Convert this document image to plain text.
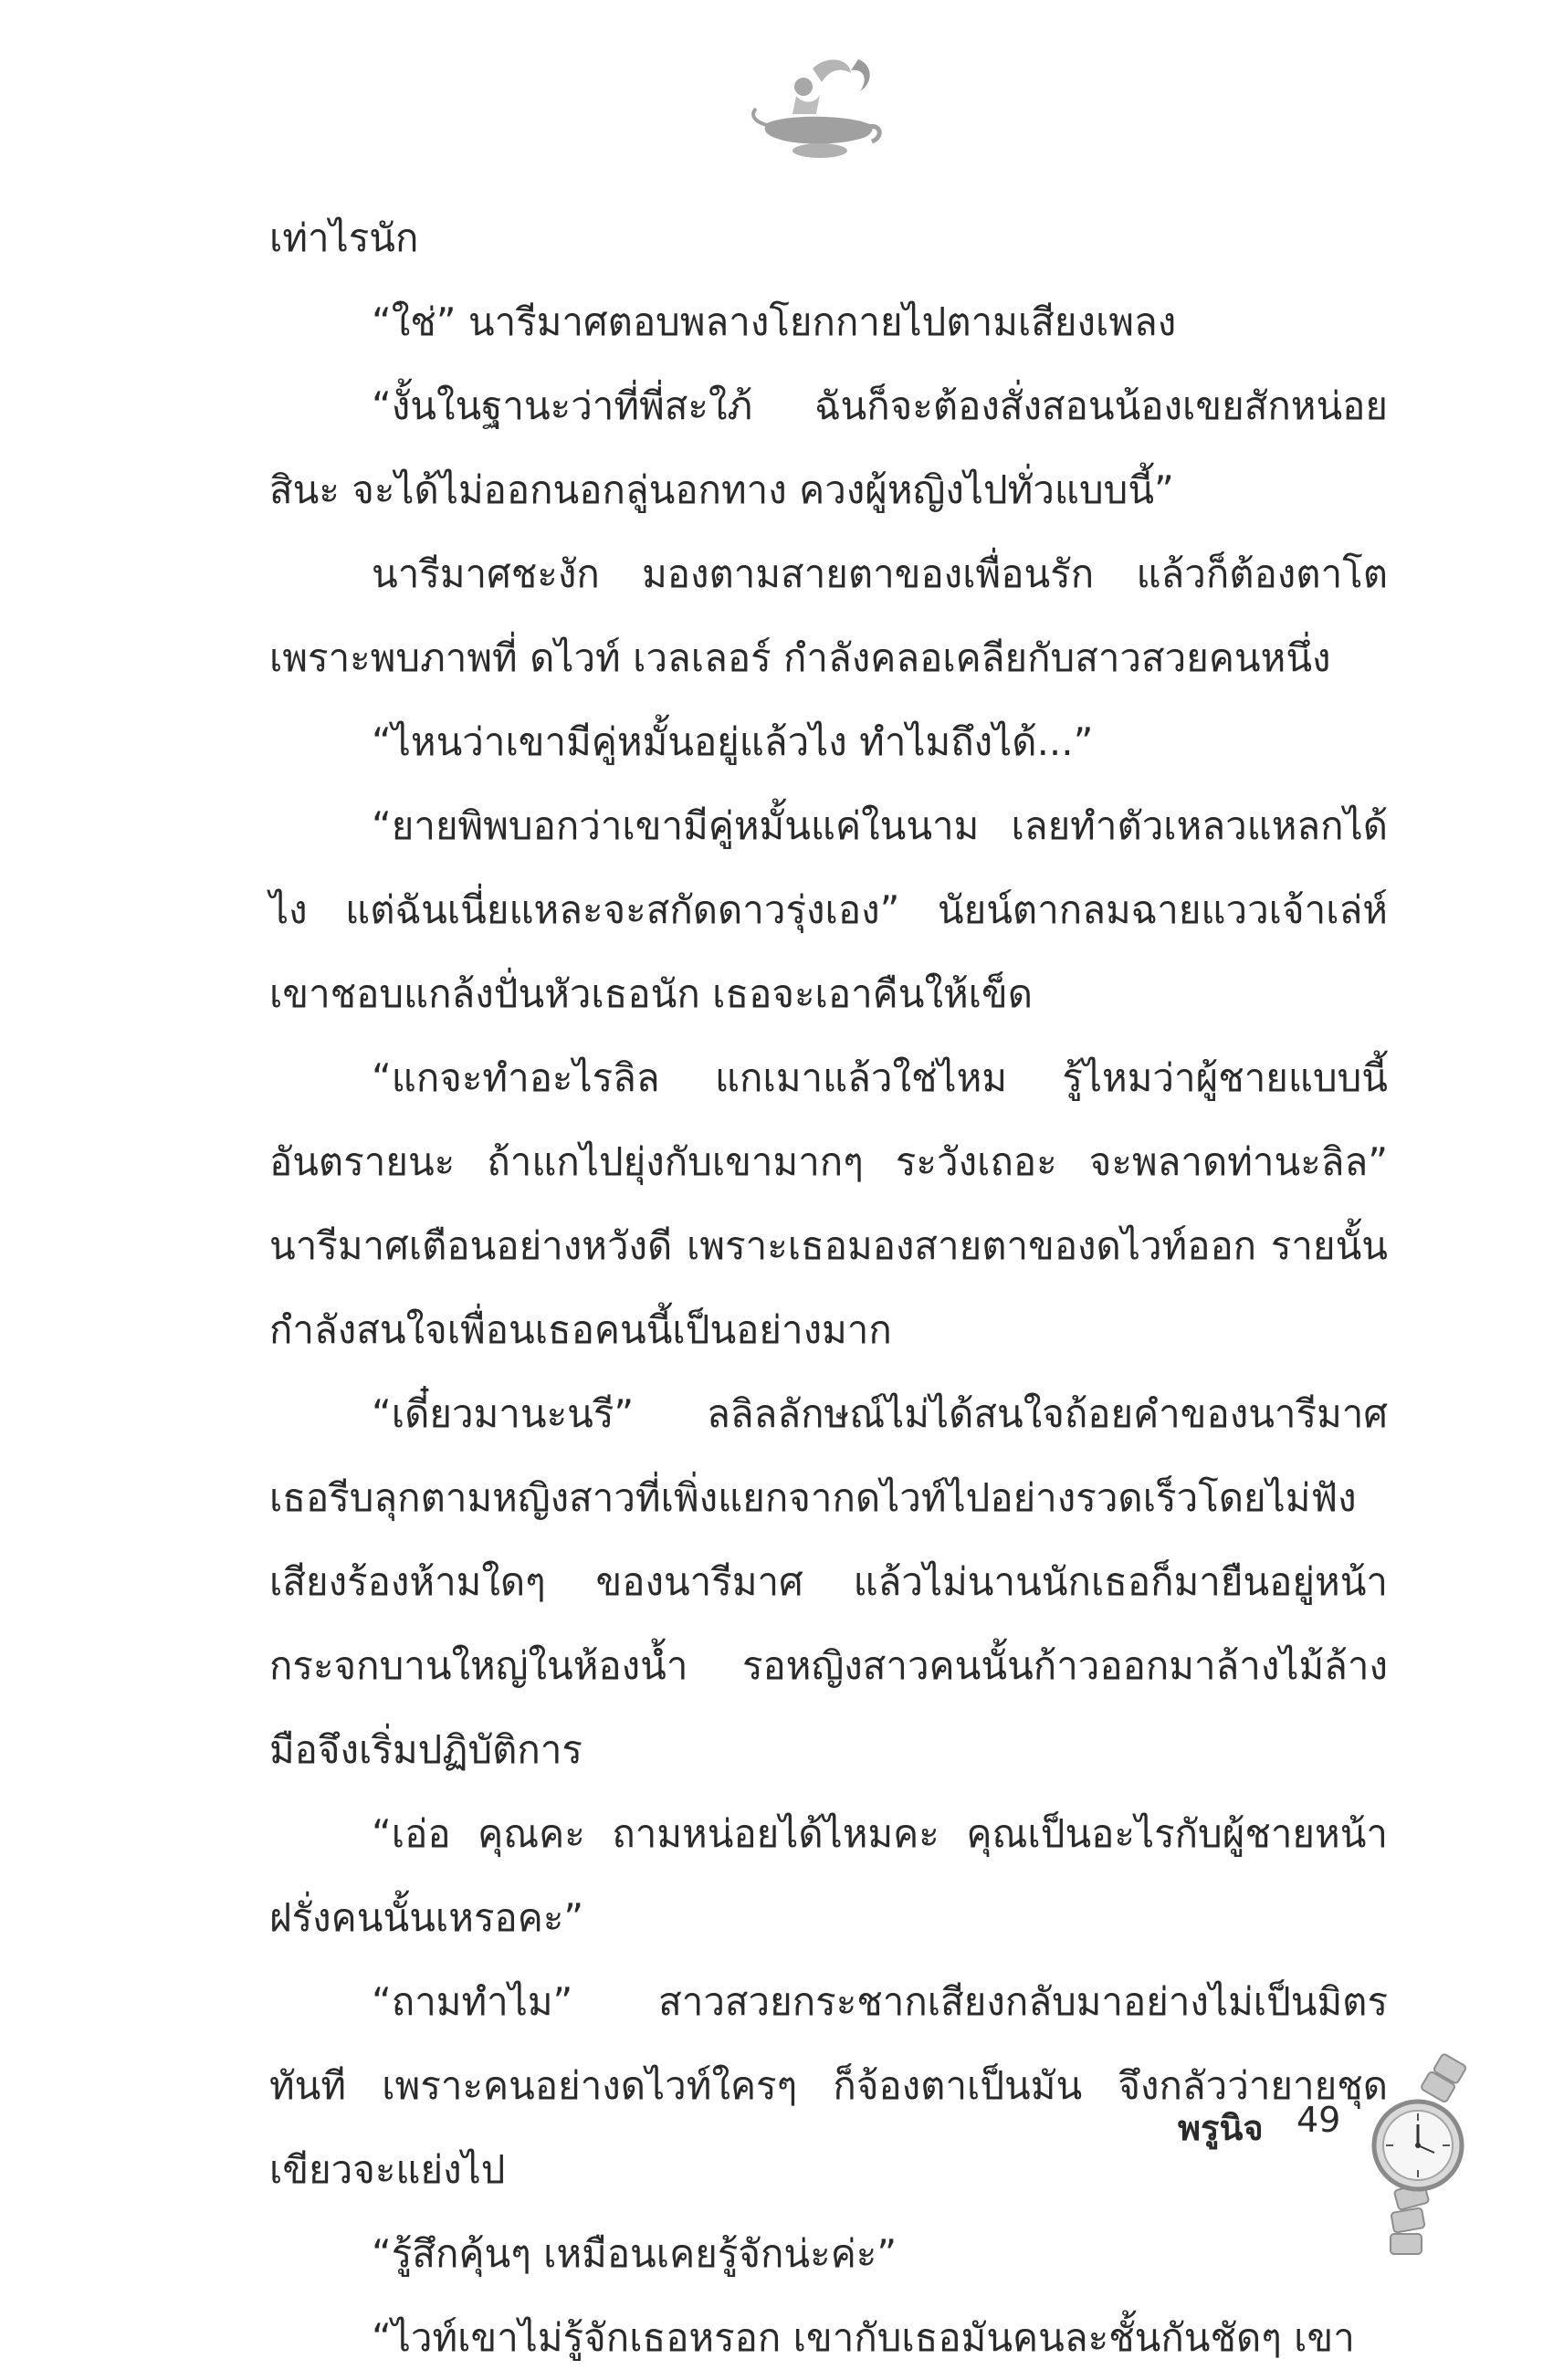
เท่าไรนัก

“ใช่” นารีมาศตอบพลางโยกกายไปตามเสียงเพลง

“งั้นในฐานะว่าที่พี่สะใภ้ ฉันก็จะต้องสั่งสอนน้องเขยสักหน่อยสินะ จะได้ไม่ออกนอกลู่นอกทาง ควงผู้หญิงไปทั่วแบบนี้”

นารีมาศชะงัก มองตามสายตาของเพื่อนรัก แล้วก็ต้องตาโต เพราะพบภาพที่ ดไวท์ เวลเลอร์ กำลังคลอเคลียกับสาวสวยคนหนึ่ง

“ไหนว่าเขามีคู่หมั้นอยู่แล้วไง ทำไมถึงได้...”

“ยายพิพบอกว่าเขามีคู่หมั้นแค่ในนาม เลยทำตัวเหลวแหลกได้ไง แต่ฉันเนี่ยแหละจะสกัดดาวรุ่งเอง” นัยน์ตากลมฉายแววเจ้าเล่ห์ เขาชอบแกล้งปั่นหัวเธอนัก เธอจะเอาคืนให้เข็ด

“แกจะทำอะไรลิล แกเมาแล้วใช่ไหม รู้ไหมว่าผู้ชายแบบนี้อันตรายนะ ถ้าแกไปยุ่งกับเขามากๆ ระวังเถอะ จะพลาดท่านะลิล” นารีมาศเตือนอย่างหวังดี เพราะเธอมองสายตาของดไวท์ออก รายนั้นกำลังสนใจเพื่อนเธอคนนี้เป็นอย่างมาก

“เดี๋ยวมานะนรี” ลลิลลักษณ์ไม่ได้สนใจถ้อยคำของนารีมาศ เธอรีบลุกตามหญิงสาวที่เพิ่งแยกจากดไวท์ไปอย่างรวดเร็วโดยไม่ฟังเสียงร้องห้ามใดๆ ของนารีมาศ แล้วไม่นานนักเธอก็มายืนอยู่หน้ากระจกบานใหญ่ในห้องน้ำ รอหญิงสาวคนนั้นก้าวออกมาล้างไม้ล้างมือจึงเริ่มปฏิบัติการ

“เอ่อ คุณคะ ถามหน่อยได้ไหมคะ คุณเป็นอะไรกับผู้ชายหน้าฝรั่งคนนั้นเหรอคะ”

“ถามทำไม” สาวสวยกระชากเสียงกลับมาอย่างไม่เป็นมิตรทันที เพราะคนอย่างดไวท์ใครๆ ก็จ้องตาเป็นมัน จึงกลัวว่ายายชุดเขียวจะแย่งไป

“รู้สึกคุ้นๆ เหมือนเคยรู้จักน่ะค่ะ”

“ไวท์เขาไม่รู้จักเธอหรอก เขากับเธอมันคนละชั้นกันชัดๆ เขา

พรูนิจ 49
